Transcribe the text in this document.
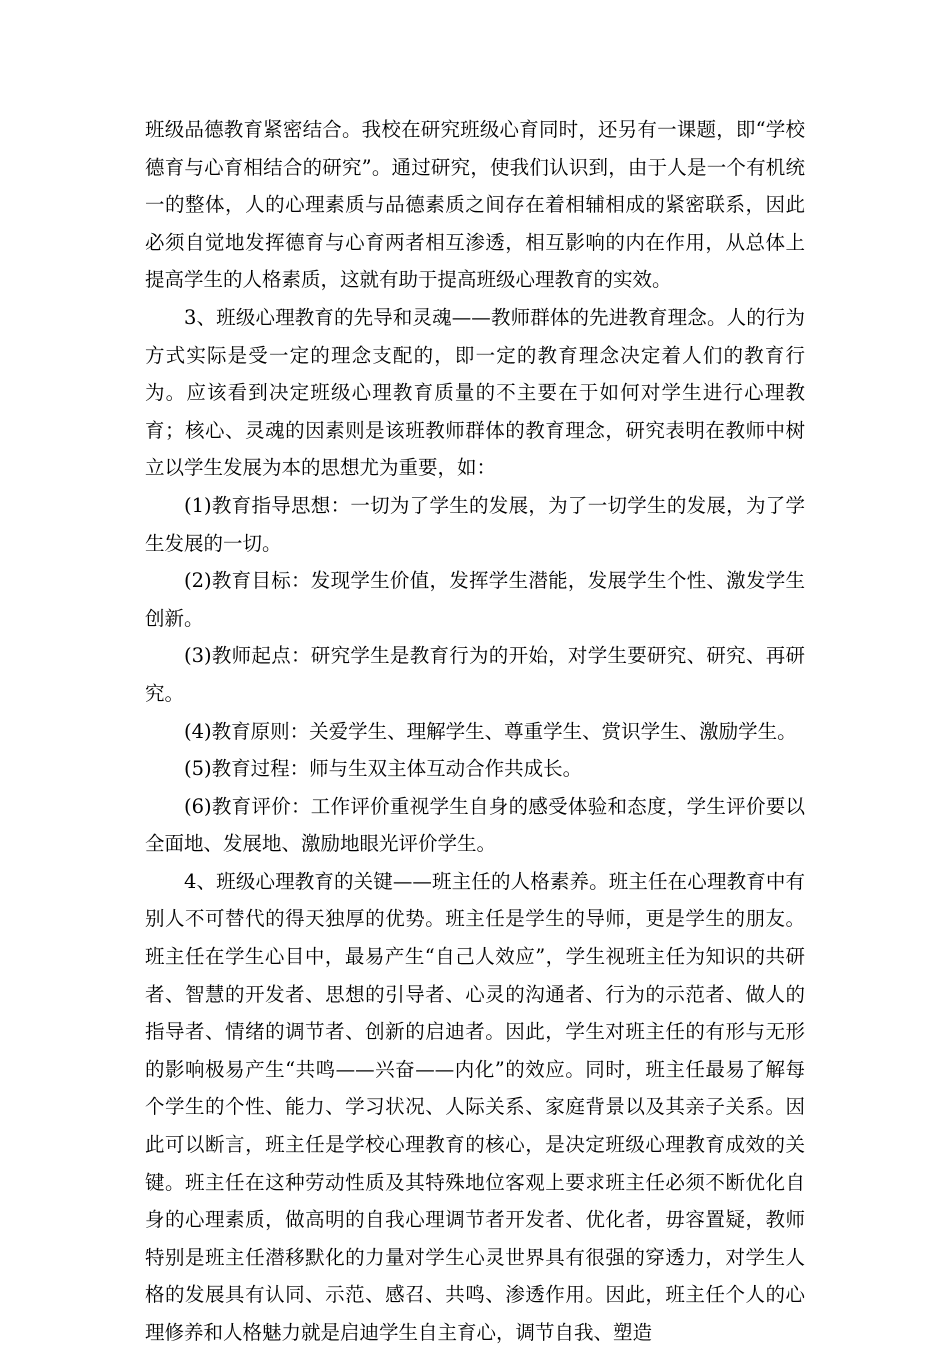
班级品德教育紧密结合。我校在研究班级心育同时，还另有一课题，即“学校德育与心育相结合的研究”。通过研究，使我们认识到，由于人是一个有机统一的整体，人的心理素质与品德素质之间存在着相辅相成的紧密联系，因此必须自觉地发挥德育与心育两者相互渗透，相互影响的内在作用，从总体上提高学生的人格素质，这就有助于提高班级心理教育的实效。

3、班级心理教育的先导和灵魂——教师群体的先进教育理念。人的行为方式实际是受一定的理念支配的，即一定的教育理念决定着人们的教育行为。应该看到决定班级心理教育质量的不主要在于如何对学生进行心理教育；核心、灵魂的因素则是该班教师群体的教育理念，研究表明在教师中树立以学生发展为本的思想尤为重要，如：

(1)教育指导思想：一切为了学生的发展，为了一切学生的发展，为了学生发展的一切。

(2)教育目标：发现学生价值，发挥学生潜能，发展学生个性、激发学生创新。

(3)教师起点：研究学生是教育行为的开始，对学生要研究、研究、再研究。

(4)教育原则：关爱学生、理解学生、尊重学生、赏识学生、激励学生。

(5)教育过程：师与生双主体互动合作共成长。

(6)教育评价：工作评价重视学生自身的感受体验和态度，学生评价要以全面地、发展地、激励地眼光评价学生。

4、班级心理教育的关键——班主任的人格素养。班主任在心理教育中有别人不可替代的得天独厚的优势。班主任是学生的导师，更是学生的朋友。班主任在学生心目中，最易产生“自己人效应”，学生视班主任为知识的共研者、智慧的开发者、思想的引导者、心灵的沟通者、行为的示范者、做人的指导者、情绪的调节者、创新的启迪者。因此，学生对班主任的有形与无形的影响极易产生“共鸣——兴奋——内化”的效应。同时，班主任最易了解每个学生的个性、能力、学习状况、人际关系、家庭背景以及其亲子关系。因此可以断言，班主任是学校心理教育的核心，是决定班级心理教育成效的关键。班主任在这种劳动性质及其特殊地位客观上要求班主任必须不断优化自身的心理素质，做高明的自我心理调节者开发者、优化者，毋容置疑，教师特别是班主任潜移默化的力量对学生心灵世界具有很强的穿透力，对学生人格的发展具有认同、示范、感召、共鸣、渗透作用。因此，班主任个人的心理修养和人格魅力就是启迪学生自主育心，调节自我、塑造
